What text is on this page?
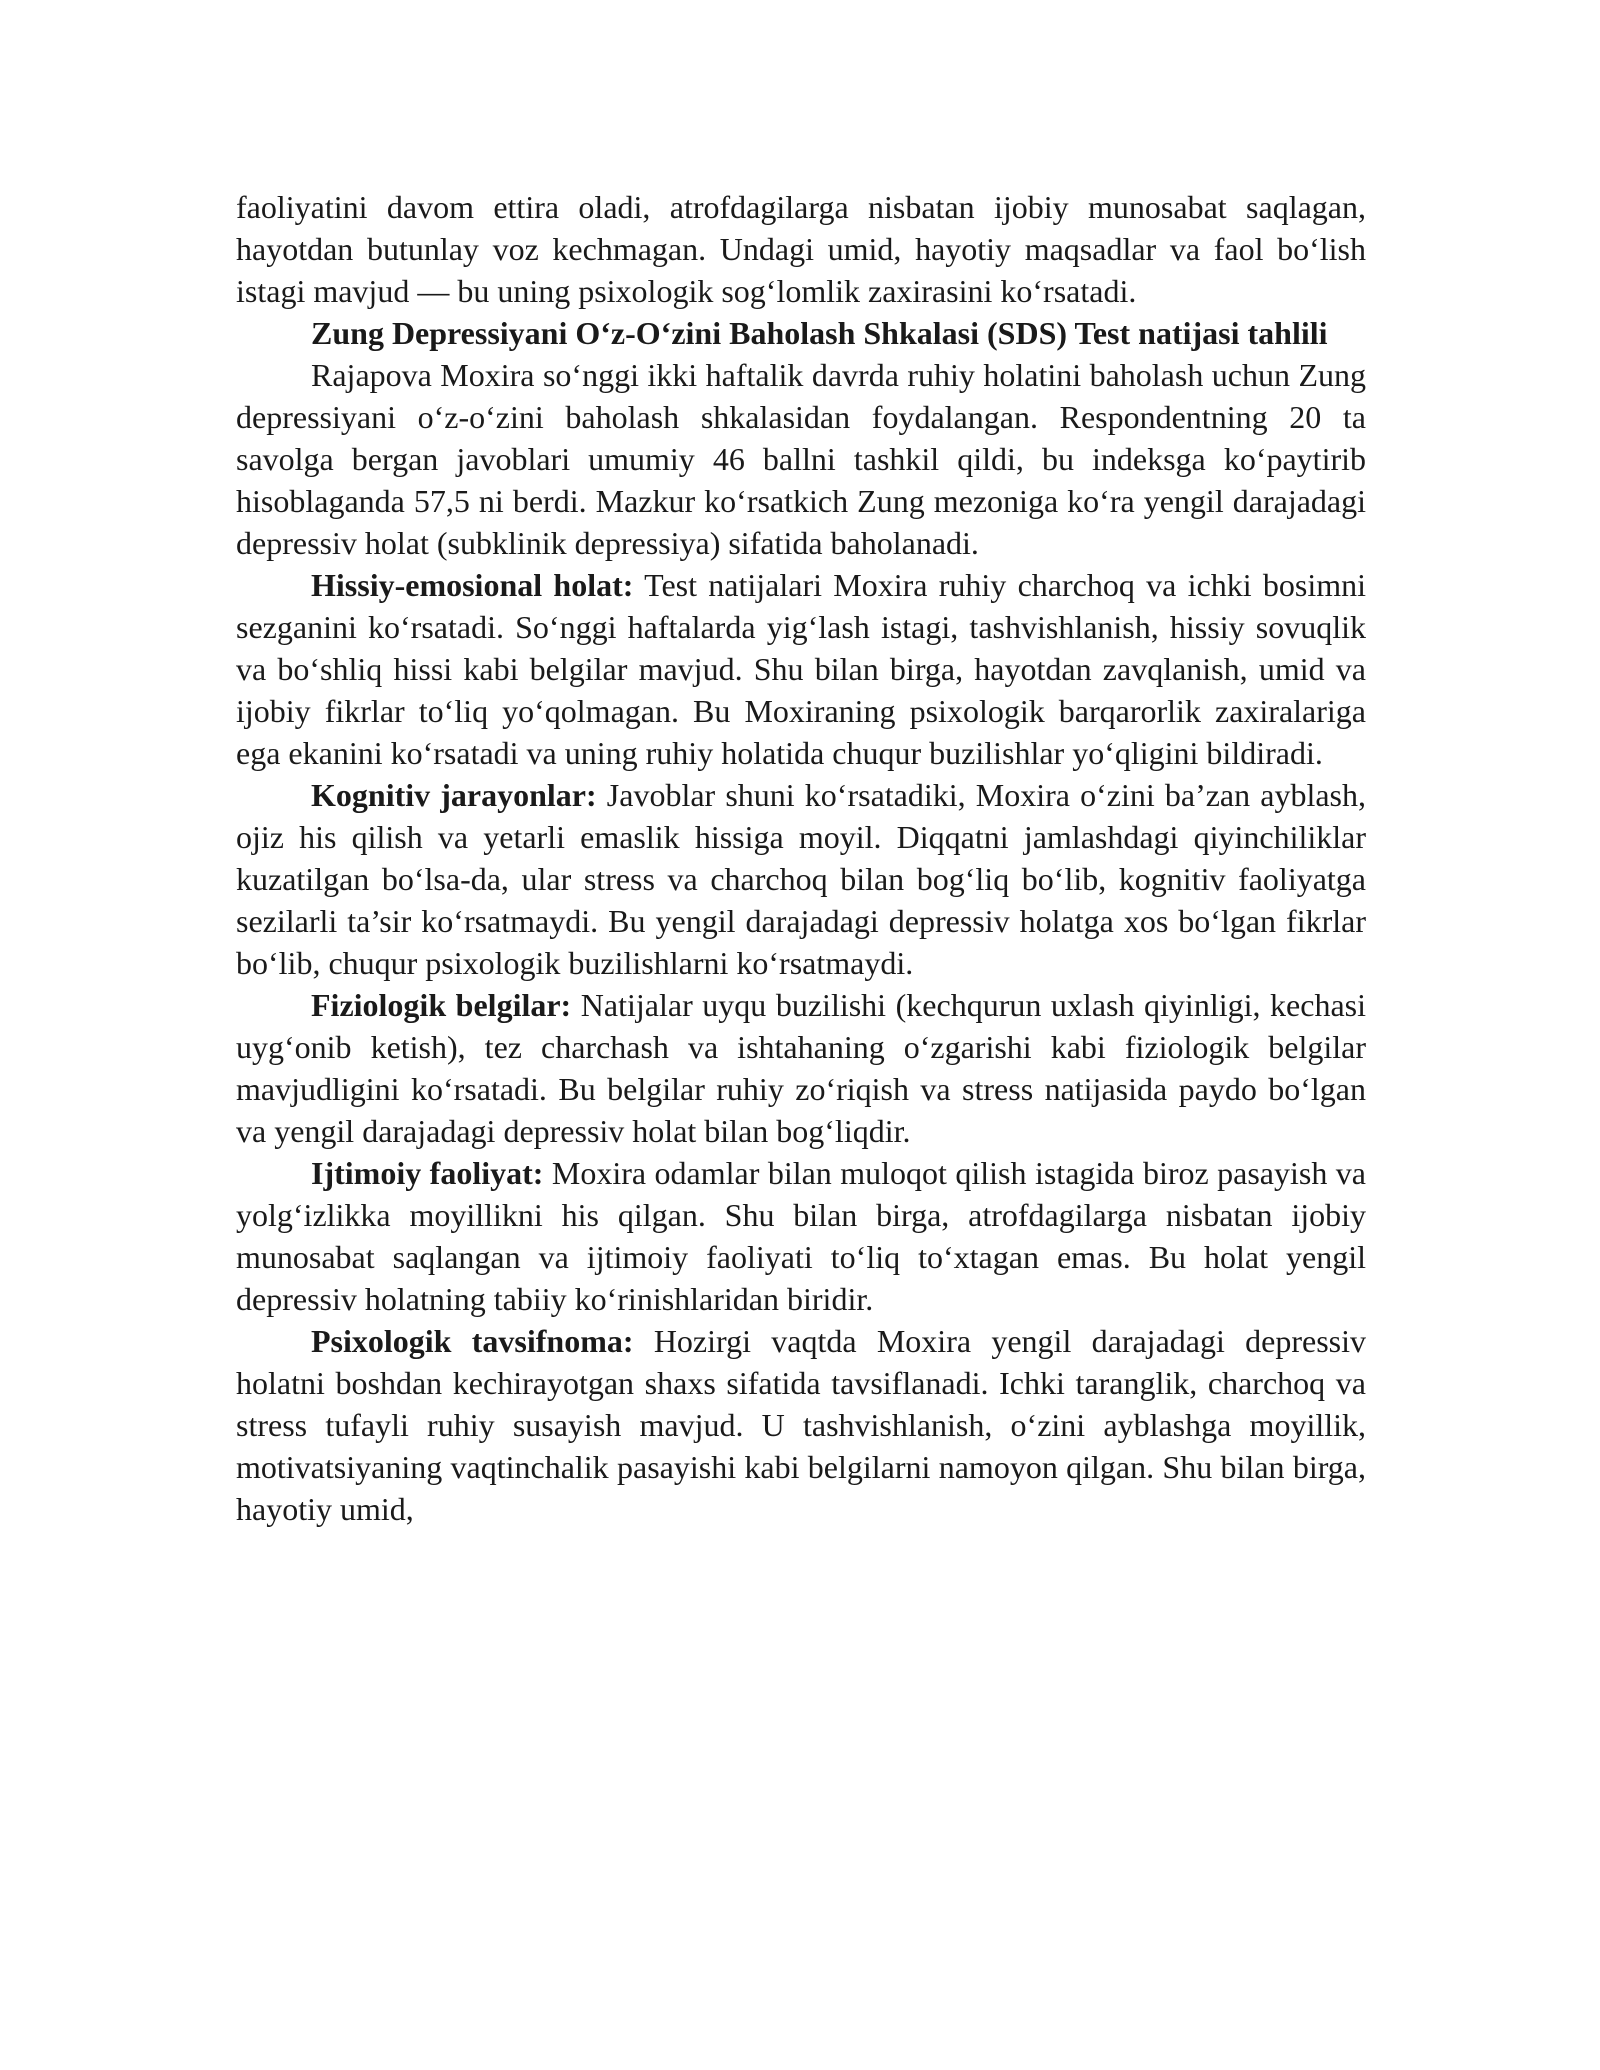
faoliyatini davom ettira oladi, atrofdagilarga nisbatan ijobiy munosabat saqlagan, hayotdan butunlay voz kechmagan. Undagi umid, hayotiy maqsadlar va faol bo‘lish istagi mavjud — bu uning psixologik sog‘lomlik zaxirasini ko‘rsatadi.

Zung Depressiyani O‘z-O‘zini Baholash Shkalasi (SDS) Test natijasi tahlili

Rajapova Moxira so‘nggi ikki haftalik davrda ruhiy holatini baholash uchun Zung depressiyani o‘z-o‘zini baholash shkalasidan foydalangan. Respondentning 20 ta savolga bergan javoblari umumiy 46 ballni tashkil qildi, bu indeksga ko‘paytirib hisoblaganda 57,5 ni berdi. Mazkur ko‘rsatkich Zung mezoniga ko‘ra yengil darajadagi depressiv holat (subklinik depressiya) sifatida baholanadi.

Hissiy-emosional holat: Test natijalari Moxira ruhiy charchoq va ichki bosimni sezganini ko‘rsatadi. So‘nggi haftalarda yig‘lash istagi, tashvishlanish, hissiy sovuqlik va bo‘shliq hissi kabi belgilar mavjud. Shu bilan birga, hayotdan zavqlanish, umid va ijobiy fikrlar to‘liq yo‘qolmagan. Bu Moxiraning psixologik barqarorlik zaxiralariga ega ekanini ko‘rsatadi va uning ruhiy holatida chuqur buzilishlar yo‘qligini bildiradi.

Kognitiv jarayonlar: Javoblar shuni ko‘rsatadiki, Moxira o‘zini ba’zan ayblash, ojiz his qilish va yetarli emaslik hissiga moyil. Diqqatni jamlashdagi qiyinchiliklar kuzatilgan bo‘lsa-da, ular stress va charchoq bilan bog‘liq bo‘lib, kognitiv faoliyatga sezilarli ta’sir ko‘rsatmaydi. Bu yengil darajadagi depressiv holatga xos bo‘lgan fikrlar bo‘lib, chuqur psixologik buzilishlarni ko‘rsatmaydi.

Fiziologik belgilar: Natijalar uyqu buzilishi (kechqurun uxlash qiyinligi, kechasi uyg‘onib ketish), tez charchash va ishtahaning o‘zgarishi kabi fiziologik belgilar mavjudligini ko‘rsatadi. Bu belgilar ruhiy zo‘riqish va stress natijasida paydo bo‘lgan va yengil darajadagi depressiv holat bilan bog‘liqdir.

Ijtimoiy faoliyat: Moxira odamlar bilan muloqot qilish istagida biroz pasayish va yolg‘izlikka moyillikni his qilgan. Shu bilan birga, atrofdagilarga nisbatan ijobiy munosabat saqlangan va ijtimoiy faoliyati to‘liq to‘xtagan emas. Bu holat yengil depressiv holatning tabiiy ko‘rinishlaridan biridir.

Psixologik tavsifnoma: Hozirgi vaqtda Moxira yengil darajadagi depressiv holatni boshdan kechirayotgan shaxs sifatida tavsiflanadi. Ichki taranglik, charchoq va stress tufayli ruhiy susayish mavjud. U tashvishlanish, o‘zini ayblashga moyillik, motivatsiyaning vaqtinchalik pasayishi kabi belgilarni namoyon qilgan. Shu bilan birga, hayotiy umid,
